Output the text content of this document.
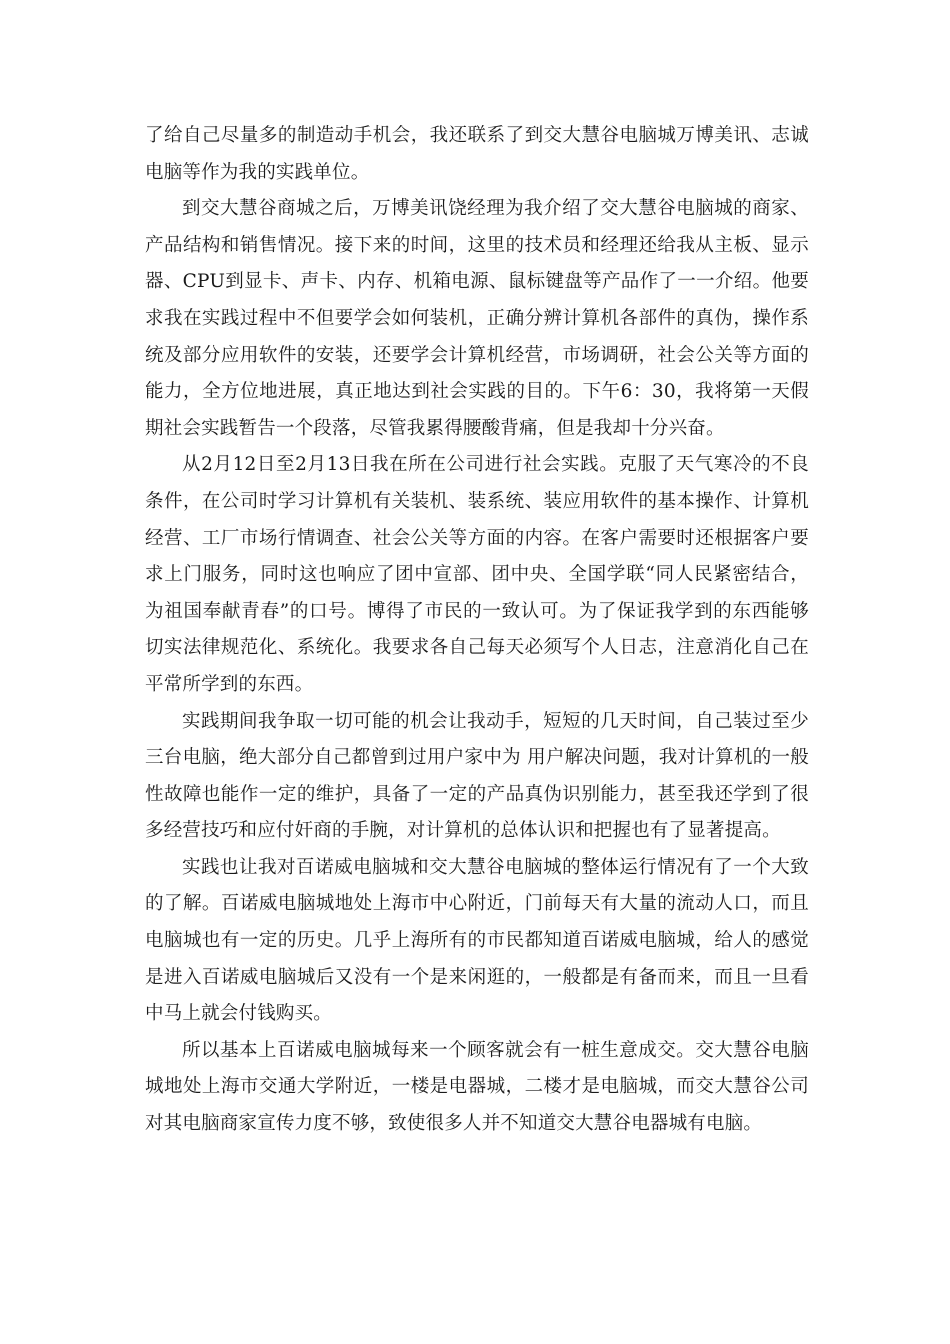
了给自己尽量多的制造动手机会，我还联系了到交大慧谷电脑城万博美讯、志诚电脑等作为我的实践单位。

到交大慧谷商城之后，万博美讯饶经理为我介绍了交大慧谷电脑城的商家、产品结构和销售情况。接下来的时间，这里的技术员和经理还给我从主板、显示器、CPU到显卡、声卡、内存、机箱电源、鼠标键盘等产品作了一一介绍。他要求我在实践过程中不但要学会如何装机，正确分辨计算机各部件的真伪，操作系统及部分应用软件的安装，还要学会计算机经营，市场调研，社会公关等方面的能力，全方位地进展，真正地达到社会实践的目的。下午6：30，我将第一天假期社会实践暂告一个段落，尽管我累得腰酸背痛，但是我却十分兴奋。

从2月12日至2月13日我在所在公司进行社会实践。克服了天气寒冷的不良条件，在公司时学习计算机有关装机、装系统、装应用软件的基本操作、计算机经营、工厂市场行情调查、社会公关等方面的内容。在客户需要时还根据客户要求上门服务，同时这也响应了团中宣部、团中央、全国学联“同人民紧密结合，为祖国奉献青春”的口号。博得了市民的一致认可。为了保证我学到的东西能够切实法律规范化、系统化。我要求各自己每天必须写个人日志，注意消化自己在平常所学到的东西。

实践期间我争取一切可能的机会让我动手，短短的几天时间，自己装过至少三台电脑，绝大部分自己都曾到过用户家中为 用户解决问题，我对计算机的一般性故障也能作一定的维护，具备了一定的产品真伪识别能力，甚至我还学到了很多经营技巧和应付奸商的手腕，对计算机的总体认识和把握也有了显著提高。

实践也让我对百诺威电脑城和交大慧谷电脑城的整体运行情况有了一个大致的了解。百诺威电脑城地处上海市中心附近，门前每天有大量的流动人口，而且电脑城也有一定的历史。几乎上海所有的市民都知道百诺威电脑城，给人的感觉是进入百诺威电脑城后又没有一个是来闲逛的，一般都是有备而来，而且一旦看中马上就会付钱购买。

所以基本上百诺威电脑城每来一个顾客就会有一桩生意成交。交大慧谷电脑城地处上海市交通大学附近，一楼是电器城，二楼才是电脑城，而交大慧谷公司对其电脑商家宣传力度不够，致使很多人并不知道交大慧谷电器城有电脑。
